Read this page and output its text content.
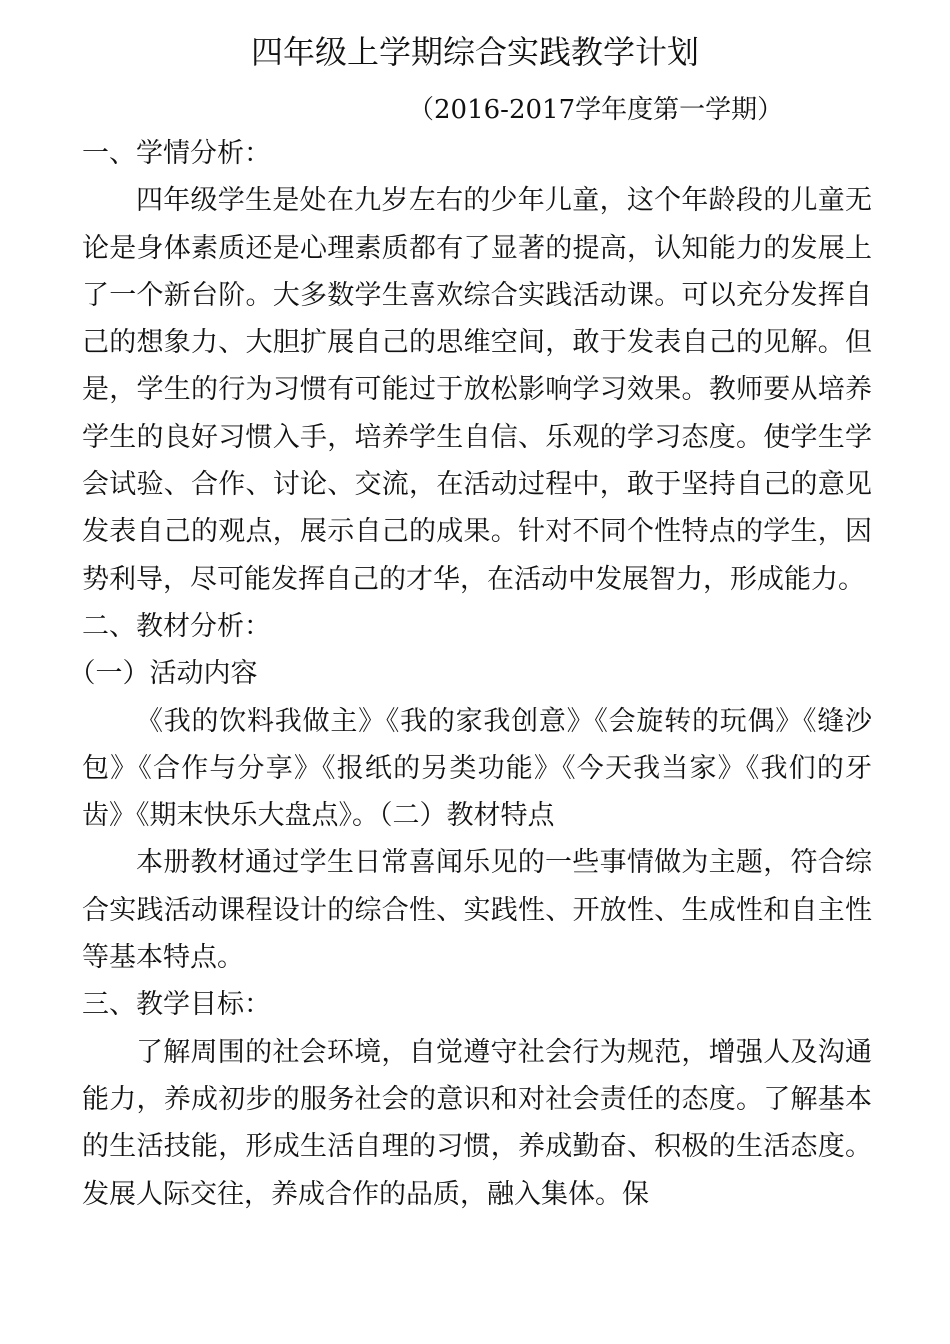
四年级上学期综合实践教学计划
（2016-2017学年度第一学期）

一、学情分析：

四年级学生是处在九岁左右的少年儿童，这个年龄段的儿童无论是身体素质还是心理素质都有了显著的提高，认知能力的发展上了一个新台阶。大多数学生喜欢综合实践活动课。可以充分发挥自己的想象力、大胆扩展自己的思维空间，敢于发表自己的见解。但是，学生的行为习惯有可能过于放松影响学习效果。教师要从培养学生的良好习惯入手，培养学生自信、乐观的学习态度。使学生学会试验、合作、讨论、交流，在活动过程中，敢于坚持自己的意见发表自己的观点，展示自己的成果。针对不同个性特点的学生，因势利导，尽可能发挥自己的才华，在活动中发展智力，形成能力。

二、教材分析：

（一）活动内容

《我的饮料我做主》《我的家我创意》《会旋转的玩偶》《缝沙包》《合作与分享》《报纸的另类功能》《今天我当家》《我们的牙齿》《期末快乐大盘点》。（二）教材特点

本册教材通过学生日常喜闻乐见的一些事情做为主题，符合综合实践活动课程设计的综合性、实践性、开放性、生成性和自主性等基本特点。

三、教学目标：

了解周围的社会环境，自觉遵守社会行为规范，增强人及沟通能力，养成初步的服务社会的意识和对社会责任的态度。了解基本的生活技能，形成生活自理的习惯，养成勤奋、积极的生活态度。发展人际交往，养成合作的品质，融入集体。保
